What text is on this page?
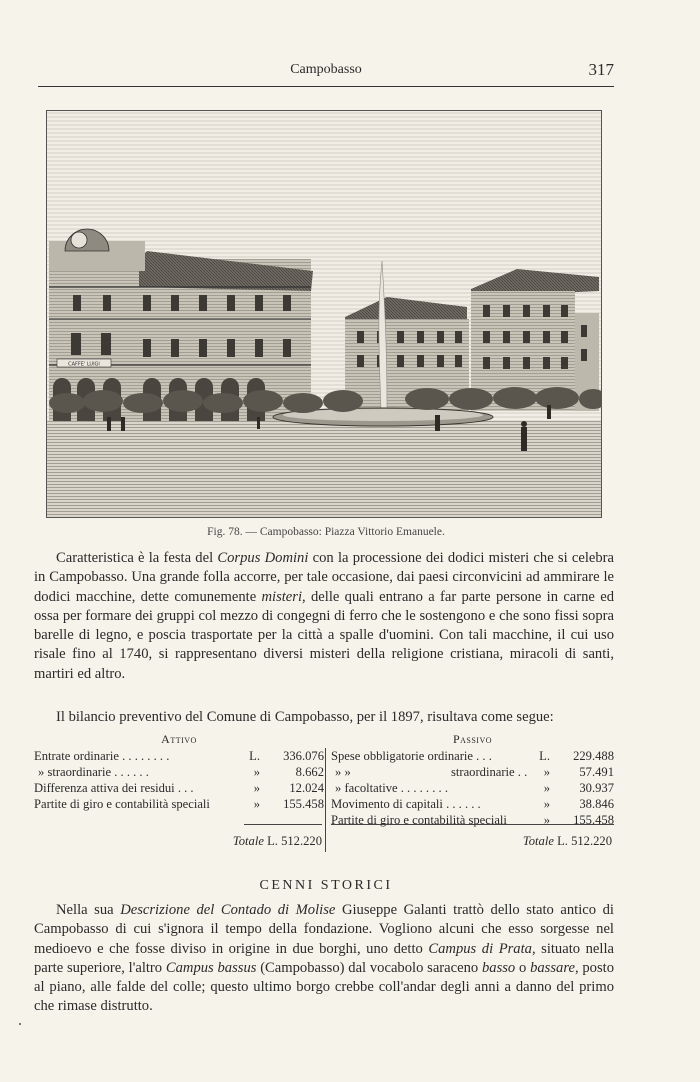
Campobasso	317
CAFFE' LUIGI
Fig. 78. — Campobasso: Piazza Vittorio Emanuele.
Caratteristica è la festa del Corpus Domini con la processione dei dodici misteri che si celebra in Campobasso. Una grande folla accorre, per tale occasione, dai paesi circonvicini ad ammirare le dodici macchine, dette comunemente misteri, delle quali entrano a far parte persone in carne ed ossa per formare dei gruppi col mezzo di congegni di ferro che le sostengono e che sono fissi sopra barelle di legno, e poscia trasportate per la città a spalle d'uomini. Con tali macchine, il cui uso risale fino al 1740, si rappresentano diversi misteri della religione cristiana, miracoli di santi, martiri ed altro.
Il bilancio preventivo del Comune di Campobasso, per il 1897, risultava come segue:
Attivo
Entrate ordinarie . . . . . . . .	L. 336.076
» straordinarie . . . . . .	»	8.662
Differenza attiva dei residui . . .	» 12.024
Partite di giro e contabilità speciali	» 155.458
Totale L. 512.220
Passivo
Spese obbligatorie ordinarie . . .	L. 229.488
» »	straordinarie . . » 57.491
» facoltative . . . . . . . .	» 30.937
Movimento di capitali . . . . . .	» 38.846
Partite di giro e contabilità speciali	» 155.458
Totale L. 512.220
CENNI STORICI
Nella sua Descrizione del Contado di Molise Giuseppe Galanti trattò dello stato antico di Campobasso di cui s'ignora il tempo della fondazione. Vogliono alcuni che esso sorgesse nel medioevo e che fosse diviso in origine in due borghi, uno detto Campus di Prata, situato nella parte superiore, l'altro Campus bassus (Campobasso) dal vocabolo saraceno basso o bassare, posto al piano, alle falde del colle; questo ultimo borgo crebbe coll'andar degli anni a danno del primo che rimase distrutto.
